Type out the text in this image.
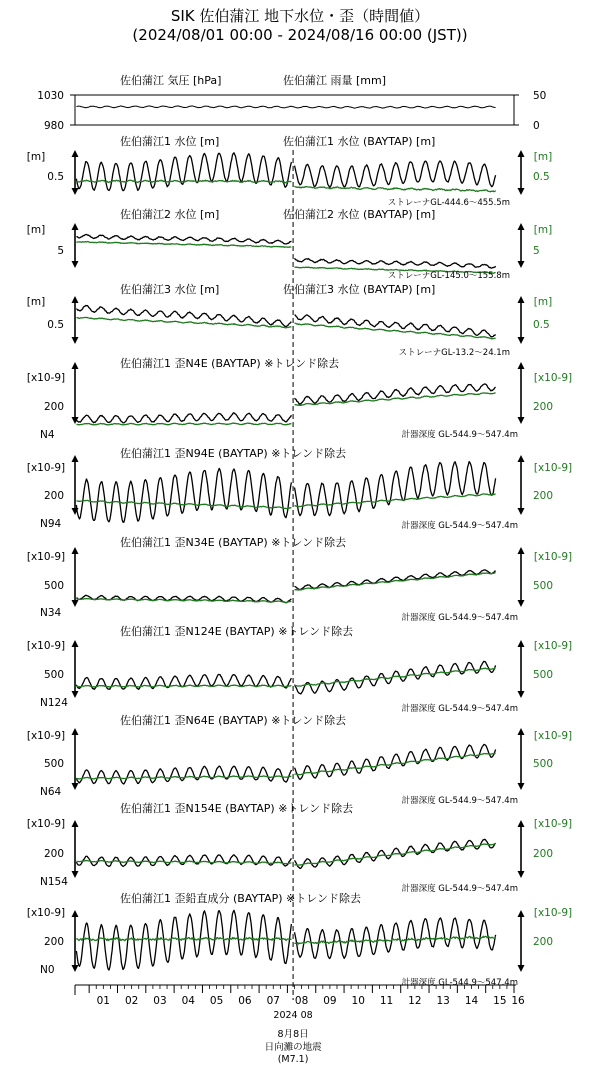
SIK 佐伯蒲江 地下水位・歪（時間値）
(2024/08/01 00:00 - 2024/08/16 00:00 (JST))
佐伯蒲江 気圧 [hPa]	佐伯蒲江 雨量 [mm]
1030
980
50
0
佐伯蒲江1 水位 [m]	佐伯蒲江1 水位 (BAYTAP) [m]
[m]	[m]
0.5	0.5
ストレーナGL-444.6～455.5m
佐伯蒲江2 水位 [m]	佐伯蒲江2 水位 (BAYTAP) [m]
[m]	[m]
5	5
ストレーナGL-145.0～155.8m
佐伯蒲江3 水位 [m]	佐伯蒲江3 水位 (BAYTAP) [m]
[m]	[m]
0.5	0.5
ストレーナGL-13.2～24.1m
佐伯蒲江1 歪N4E (BAYTAP) ※トレンド除去
[x10-9]	[x10-9]
200	200
N4	計器深度 GL-544.9～547.4m
佐伯蒲江1 歪N94E (BAYTAP) ※トレンド除去
[x10-9]	[x10-9]
200	200
N94	計器深度 GL-544.9～547.4m
佐伯蒲江1 歪N34E (BAYTAP) ※トレンド除去
[x10-9]	[x10-9]
500	500
N34	計器深度 GL-544.9～547.4m
佐伯蒲江1 歪N124E (BAYTAP) ※トレンド除去
[x10-9]	[x10-9]
500	500
N124	計器深度 GL-544.9～547.4m
佐伯蒲江1 歪N64E (BAYTAP) ※トレンド除去
[x10-9]	[x10-9]
500	500
N64
計器深度 GL-544.9～547.4m
佐伯蒲江1 歪N154E (BAYTAP) ※トレンド除去
[x10-9]	[x10-9]
200	200
N154
計器深度 GL-544.9～547.4m
佐伯蒲江1 歪鉛直成分 (BAYTAP) ※トレンド除去
[x10-9]	[x10-9]
200	200
N0
計器深度 GL-544.9～547.4m
01 02 03 04 05 06 07 08 09 10 11 12 13 14 15 16
2024 08
8月8日
日向灘の地震
(M7.1)
